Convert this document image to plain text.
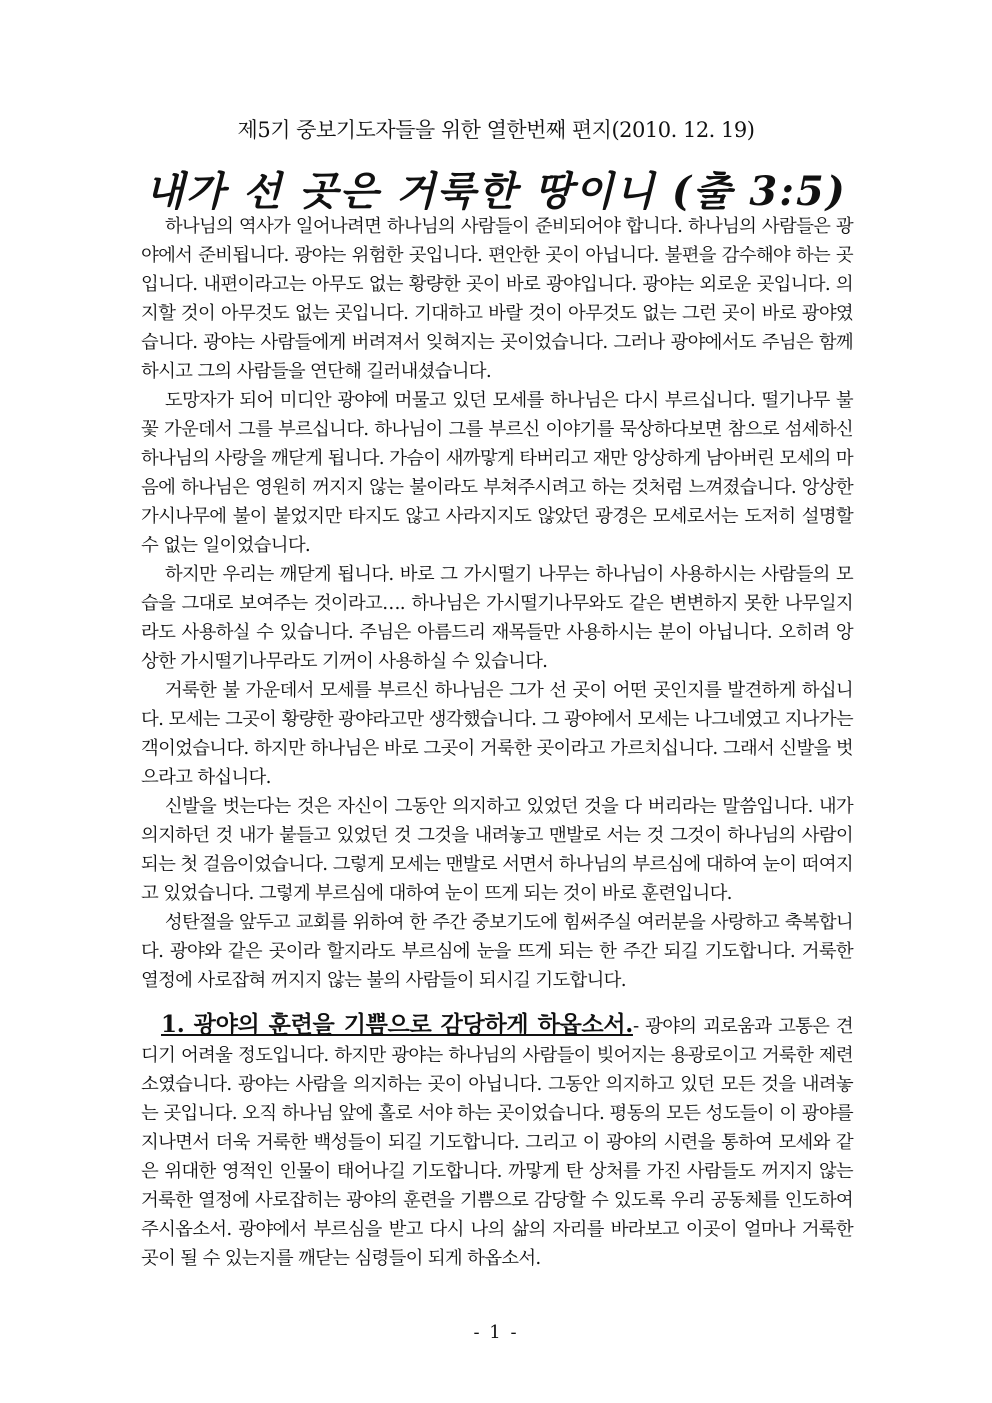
제5기 중보기도자들을 위한 열한번째 편지(2010. 12. 19)
내가 선 곳은 거룩한 땅이니 (출 3:5)

하나님의 역사가 일어나려면 하나님의 사람들이 준비되어야 합니다. 하나님의 사람들은 광야에서 준비됩니다. 광야는 위험한 곳입니다. 편안한 곳이 아닙니다. 불편을 감수해야 하는 곳입니다. 내편이라고는 아무도 없는 황량한 곳이 바로 광야입니다. 광야는 외로운 곳입니다. 의지할 것이 아무것도 없는 곳입니다. 기대하고 바랄 것이 아무것도 없는 그런 곳이 바로 광야였습니다. 광야는 사람들에게 버려져서 잊혀지는 곳이었습니다. 그러나 광야에서도 주님은 함께 하시고 그의 사람들을 연단해 길러내셨습니다.

도망자가 되어 미디안 광야에 머물고 있던 모세를 하나님은 다시 부르십니다. 떨기나무 불꽃 가운데서 그를 부르십니다. 하나님이 그를 부르신 이야기를 묵상하다보면 참으로 섬세하신 하나님의 사랑을 깨닫게 됩니다. 가슴이 새까맣게 타버리고 재만 앙상하게 남아버린 모세의 마음에 하나님은 영원히 꺼지지 않는 불이라도 부쳐주시려고 하는 것처럼 느껴졌습니다. 앙상한 가시나무에 불이 붙었지만 타지도 않고 사라지지도 않았던 광경은 모세로서는 도저히 설명할 수 없는 일이었습니다.

하지만 우리는 깨닫게 됩니다. 바로 그 가시떨기 나무는 하나님이 사용하시는 사람들의 모습을 그대로 보여주는 것이라고…. 하나님은 가시떨기나무와도 같은 변변하지 못한 나무일지라도 사용하실 수 있습니다. 주님은 아름드리 재목들만 사용하시는 분이 아닙니다. 오히려 앙상한 가시떨기나무라도 기꺼이 사용하실 수 있습니다.

거룩한 불 가운데서 모세를 부르신 하나님은 그가 선 곳이 어떤 곳인지를 발견하게 하십니다. 모세는 그곳이 황량한 광야라고만 생각했습니다. 그 광야에서 모세는 나그네였고 지나가는 객이었습니다. 하지만 하나님은 바로 그곳이 거룩한 곳이라고 가르치십니다. 그래서 신발을 벗으라고 하십니다.

신발을 벗는다는 것은 자신이 그동안 의지하고 있었던 것을 다 버리라는 말씀입니다. 내가 의지하던 것 내가 붙들고 있었던 것 그것을 내려놓고 맨발로 서는 것 그것이 하나님의 사람이 되는 첫 걸음이었습니다. 그렇게 모세는 맨발로 서면서 하나님의 부르심에 대하여 눈이 떠여지고 있었습니다. 그렇게 부르심에 대하여 눈이 뜨게 되는 것이 바로 훈련입니다.

성탄절을 앞두고 교회를 위하여 한 주간 중보기도에 힘써주실 여러분을 사랑하고 축복합니다. 광야와 같은 곳이라 할지라도 부르심에 눈을 뜨게 되는 한 주간 되길 기도합니다. 거룩한 열정에 사로잡혀 꺼지지 않는 불의 사람들이 되시길 기도합니다.

1. 광야의 훈련을 기쁨으로 감당하게 하옵소서.- 광야의 괴로움과 고통은 견디기 어려울 정도입니다. 하지만 광야는 하나님의 사람들이 빚어지는 용광로이고 거룩한 제련소였습니다. 광야는 사람을 의지하는 곳이 아닙니다. 그동안 의지하고 있던 모든 것을 내려놓는 곳입니다. 오직 하나님 앞에 홀로 서야 하는 곳이었습니다. 평동의 모든 성도들이 이 광야를 지나면서 더욱 거룩한 백성들이 되길 기도합니다. 그리고 이 광야의 시련을 통하여 모세와 같은 위대한 영적인 인물이 태어나길 기도합니다. 까맣게 탄 상처를 가진 사람들도 꺼지지 않는 거룩한 열정에 사로잡히는 광야의 훈련을 기쁨으로 감당할 수 있도록 우리 공동체를 인도하여 주시옵소서. 광야에서 부르심을 받고 다시 나의 삶의 자리를 바라보고 이곳이 얼마나 거룩한 곳이 될 수 있는지를 깨닫는 심령들이 되게 하옵소서.

- 1 -
